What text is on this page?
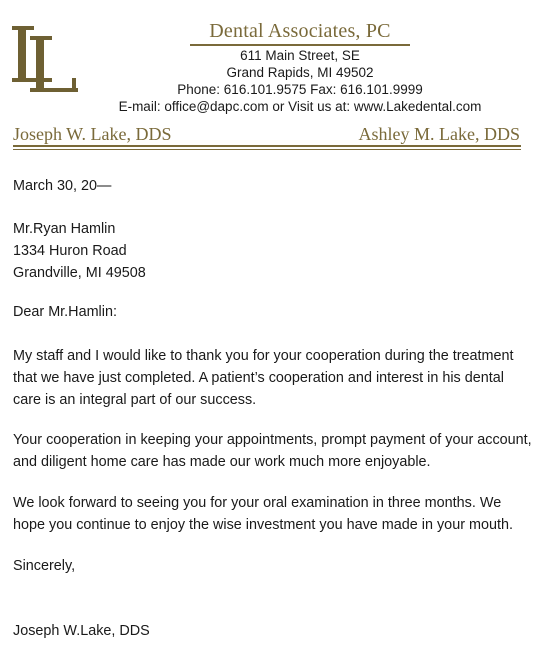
Dental Associates, PC
611 Main Street, SE
Grand Rapids, MI 49502
Phone: 616.101.9575 Fax: 616.101.9999
E-mail: office@dapc.com or Visit us at: www.Lakedental.com
Joseph W. Lake, DDS	Ashley M. Lake, DDS
March 30, 20—

Mr.Ryan Hamlin

1334 Huron Road

Grandville, MI 49508

Dear Mr.Hamlin:

My staff and I would like to thank you for your cooperation during the treatment that we have just completed. A patient’s cooperation and interest in his dental care is an integral part of our success.

Your cooperation in keeping your appointments, prompt payment of your account, and diligent home care has made our work much more enjoyable.

We look forward to seeing you for your oral examination in three months. We hope you continue to enjoy the wise investment you have made in your mouth.

Sincerely,
Joseph W.Lake, DDS
